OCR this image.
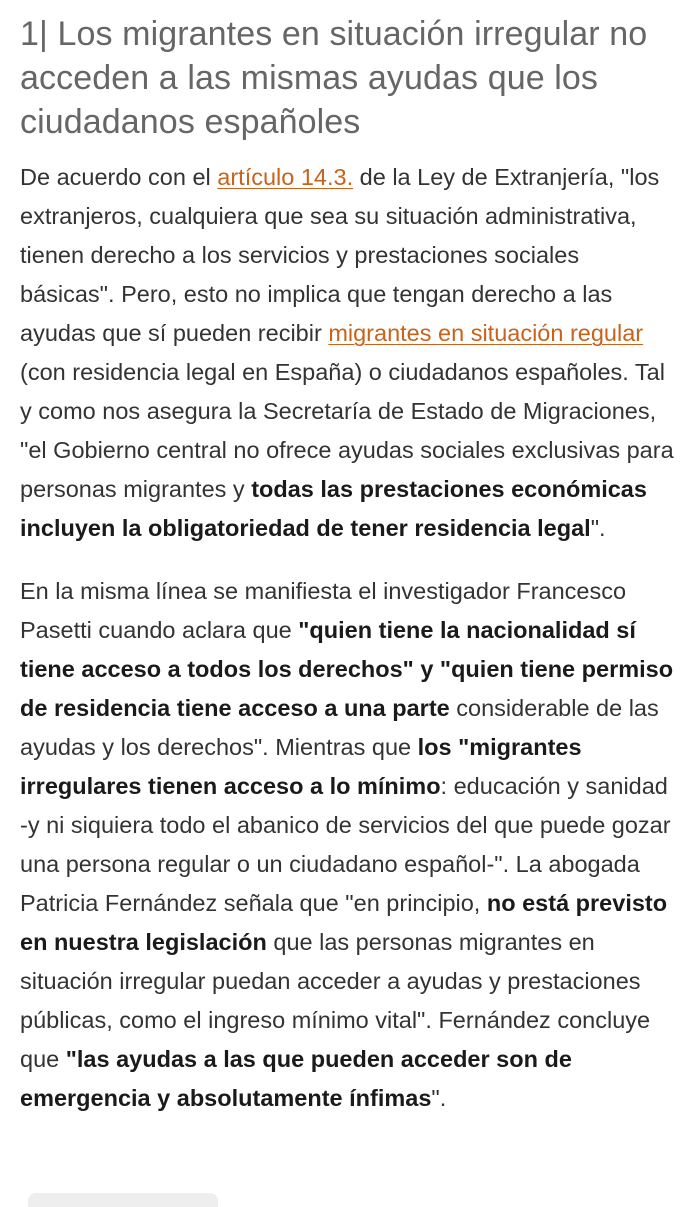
1| Los migrantes en situación irregular no acceden a las mismas ayudas que los ciudadanos españoles

De acuerdo con el artículo 14.3. de la Ley de Extranjería, "los extranjeros, cualquiera que sea su situación administrativa, tienen derecho a los servicios y prestaciones sociales básicas". Pero, esto no implica que tengan derecho a las ayudas que sí pueden recibir migrantes en situación regular (con residencia legal en España) o ciudadanos españoles. Tal y como nos asegura la Secretaría de Estado de Migraciones, "el Gobierno central no ofrece ayudas sociales exclusivas para personas migrantes y todas las prestaciones económicas incluyen la obligatoriedad de tener residencia legal".

En la misma línea se manifiesta el investigador Francesco Pasetti cuando aclara que "quien tiene la nacionalidad sí tiene acceso a todos los derechos" y "quien tiene permiso de residencia tiene acceso a una parte considerable de las ayudas y los derechos". Mientras que los "migrantes irregulares tienen acceso a lo mínimo: educación y sanidad -y ni siquiera todo el abanico de servicios del que puede gozar una persona regular o un ciudadano español-". La abogada Patricia Fernández señala que "en principio, no está previsto en nuestra legislación que las personas migrantes en situación irregular puedan acceder a ayudas y prestaciones públicas, como el ingreso mínimo vital". Fernández concluye que "las ayudas a las que pueden acceder son de emergencia y absolutamente ínfimas".
